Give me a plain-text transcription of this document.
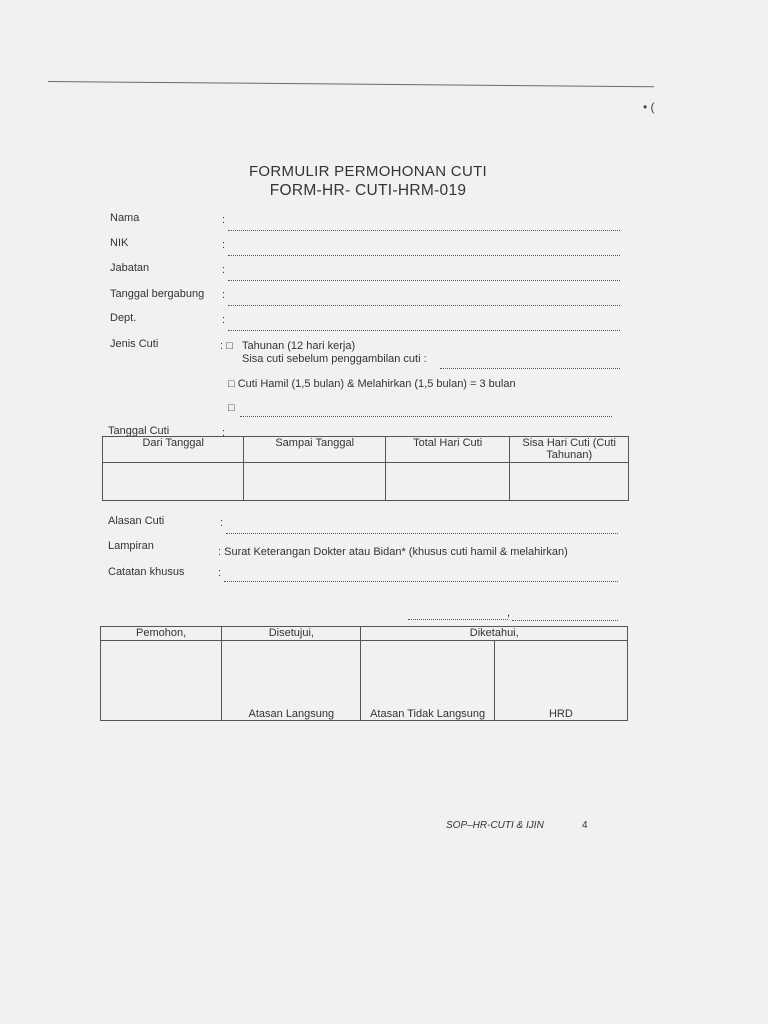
• (
FORMULIR PERMOHONAN CUTI
FORM-HR- CUTI-HRM-019
Nama	:
NIK	:
Jabatan	:
Tanggal bergabung :
Dept.	:
Jenis Cuti	: □ Tahunan (12 hari kerja)
Sisa cuti sebelum penggambilan cuti :
□ Cuti Hamil (1,5 bulan) & Melahirkan (1,5 bulan) = 3 bulan
□
Tanggal Cuti	:
Dari Tanggal	Sampai Tanggal	Total Hari Cuti	Sisa Hari Cuti (Cuti Tahunan)

Alasan Cuti	:
Lampiran	: Surat Keterangan Dokter atau Bidan* (khusus cuti hamil & melahirkan)
Catatan khusus	:
,
Pemohon,	Disetujui,	Diketahui,	
	Atasan Langsung	Atasan Tidak Langsung	HRD
SOP–HR-CUTI & IJIN	4
